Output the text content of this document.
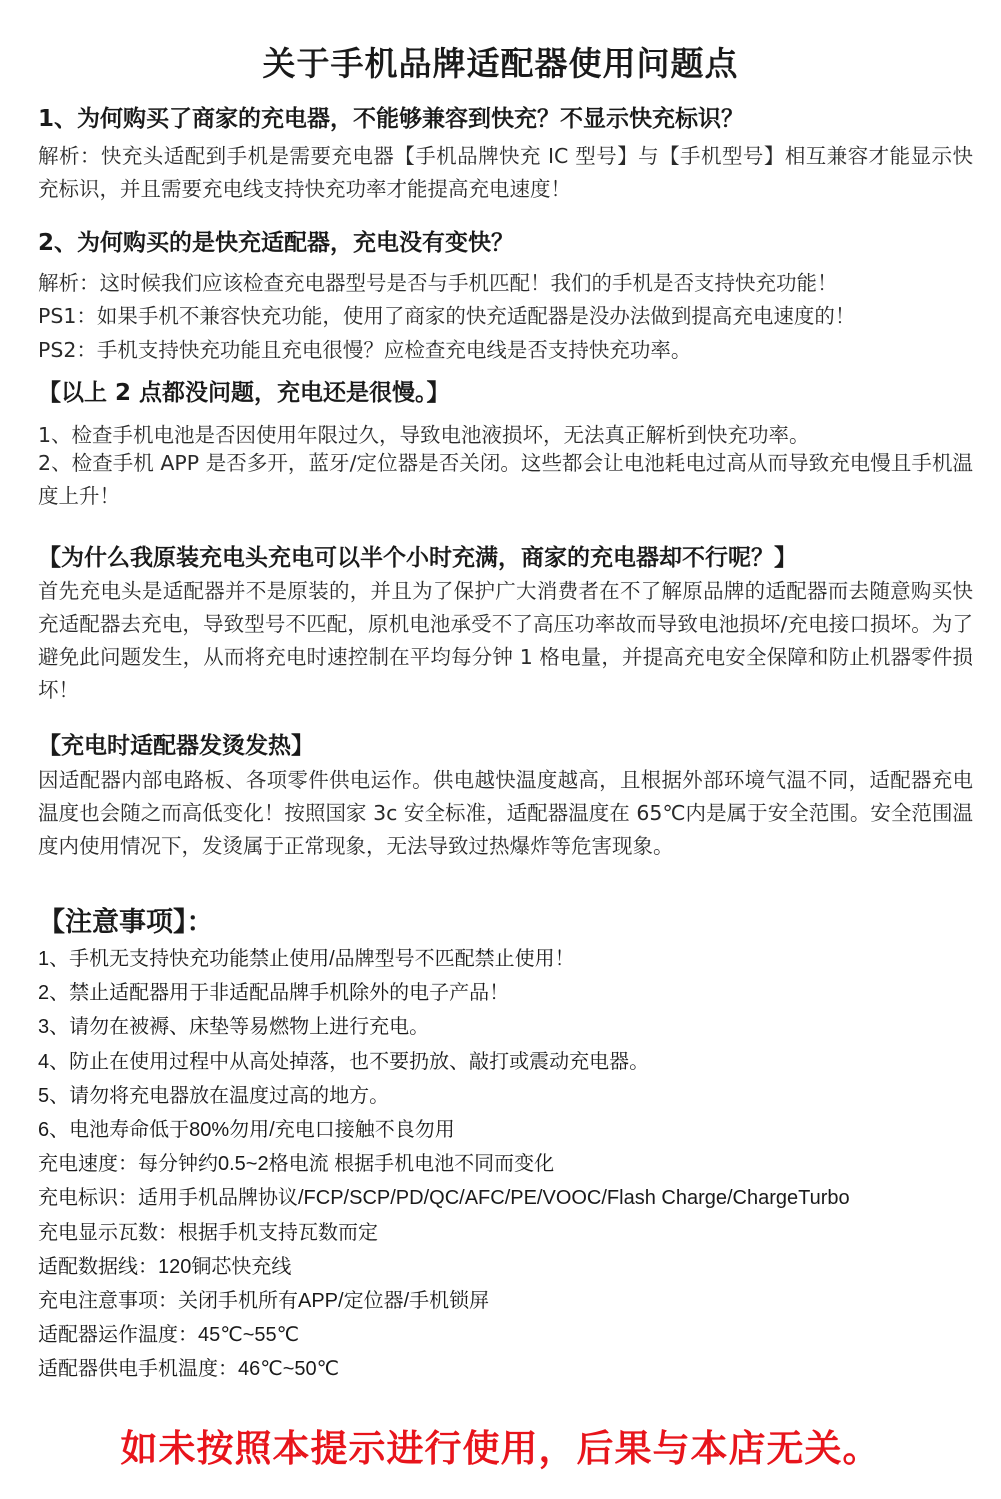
关于手机品牌适配器使用问题点
1、为何购买了商家的充电器，不能够兼容到快充？不显示快充标识？
解析：快充头适配到手机是需要充电器【手机品牌快充 IC 型号】与【手机型号】相互兼容才能显示快充标识，并且需要充电线支持快充功率才能提高充电速度！
2、为何购买的是快充适配器，充电没有变快？
解析：这时候我们应该检查充电器型号是否与手机匹配！我们的手机是否支持快充功能！
PS1：如果手机不兼容快充功能，使用了商家的快充适配器是没办法做到提高充电速度的！
PS2：手机支持快充功能且充电很慢？应检查充电线是否支持快充功率。
【以上 2 点都没问题，充电还是很慢。】
1、检查手机电池是否因使用年限过久，导致电池液损坏，无法真正解析到快充功率。
2、检查手机 APP 是否多开，蓝牙/定位器是否关闭。这些都会让电池耗电过高从而导致充电慢且手机温度上升！
【为什么我原装充电头充电可以半个小时充满，商家的充电器却不行呢？】
首先充电头是适配器并不是原装的，并且为了保护广大消费者在不了解原品牌的适配器而去随意购买快充适配器去充电，导致型号不匹配，原机电池承受不了高压功率故而导致电池损坏/充电接口损坏。为了避免此问题发生，从而将充电时速控制在平均每分钟 1 格电量，并提高充电安全保障和防止机器零件损坏！
【充电时适配器发烫发热】
因适配器内部电路板、各项零件供电运作。供电越快温度越高，且根据外部环境气温不同，适配器充电温度也会随之而高低变化！按照国家 3c 安全标准，适配器温度在 65℃内是属于安全范围。安全范围温度内使用情况下，发烫属于正常现象，无法导致过热爆炸等危害现象。
【注意事项】：
1、手机无支持快充功能禁止使用/品牌型号不匹配禁止使用！
2、禁止适配器用于非适配品牌手机除外的电子产品！
3、请勿在被褥、床垫等易燃物上进行充电。
4、防止在使用过程中从高处掉落，也不要扔放、敲打或震动充电器。
5、请勿将充电器放在温度过高的地方。
6、电池寿命低于80%勿用/充电口接触不良勿用
充电速度：每分钟约0.5~2格电流 根据手机电池不同而变化
充电标识：适用手机品牌协议/FCP/SCP/PD/QC/AFC/PE/VOOC/Flash Charge/ChargeTurbo
充电显示瓦数：根据手机支持瓦数而定
适配数据线：120铜芯快充线
充电注意事项：关闭手机所有APP/定位器/手机锁屏
适配器运作温度：45℃~55℃
适配器供电手机温度：46℃~50℃
如未按照本提示进行使用，后果与本店无关。
